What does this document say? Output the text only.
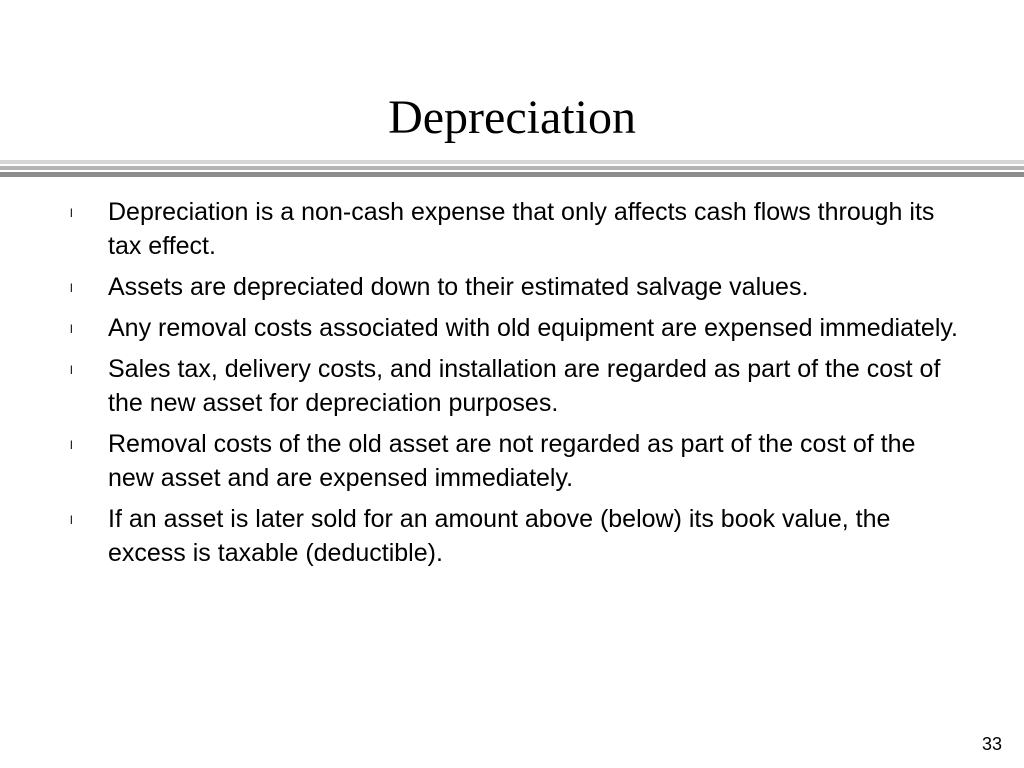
Depreciation
l Depreciation is a non-cash expense that only affects cash flows through its tax effect.
l Assets are depreciated down to their estimated salvage values.
l Any removal costs associated with old equipment are expensed immediately.
l Sales tax, delivery costs, and installation are regarded as part of the cost of the new asset for depreciation purposes.
l Removal costs of the old asset are not regarded as part of the cost of the new asset and are expensed immediately.
l If an asset is later sold for an amount above (below) its book value, the excess is taxable (deductible).
33
